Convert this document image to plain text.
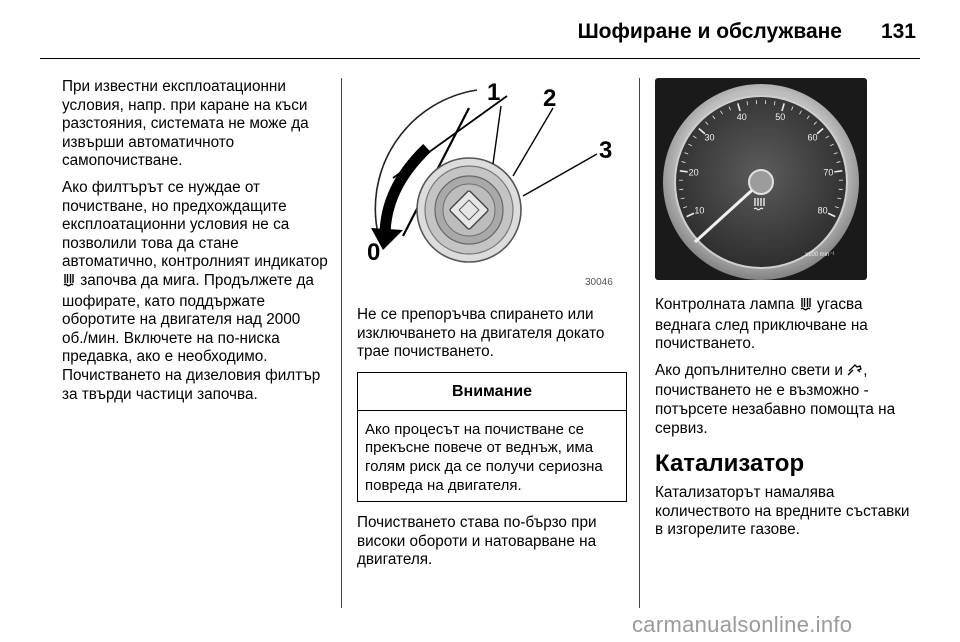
Шофиране и обслужване 131

При известни експлоатационни условия, напр. при каране на къси разстояния, системата не може да извърши автоматичното самопочистване.

Ако филтърът се нуждае от почистване, но предхождащите експлоатационни условия не са позволили това да стане автоматично, контролният индикатор  започва да мига. Продължете да шофирате, като поддържате оборотите на двигателя над 2000 об./мин. Включете на по-ниска предавка, ако е необходимо. Почистването на дизеловия филтър за твърди частици започва.

1 2
3
0
30046

Не се препоръчва спирането или изключването на двигателя докато трае почистването.

Внимание
Ако процесът на почистване се прекъсне повече от веднъж, има голям риск да се получи сериозна повреда на двигателя.

Почистването става по-бързо при високи обороти и натоварване на двигателя.

10
20
30
40	50
60
70
80
x100 min⁻¹

Контролната лампа  угасва веднага след приключване на почистването.

Ако допълнително свети и , почистването не е възможно - потърсете незабавно помощта на сервиз.

Катализатор

Катализаторът намалява количеството на вредните съставки в изгорелите газове.

carmanualsonline.info
